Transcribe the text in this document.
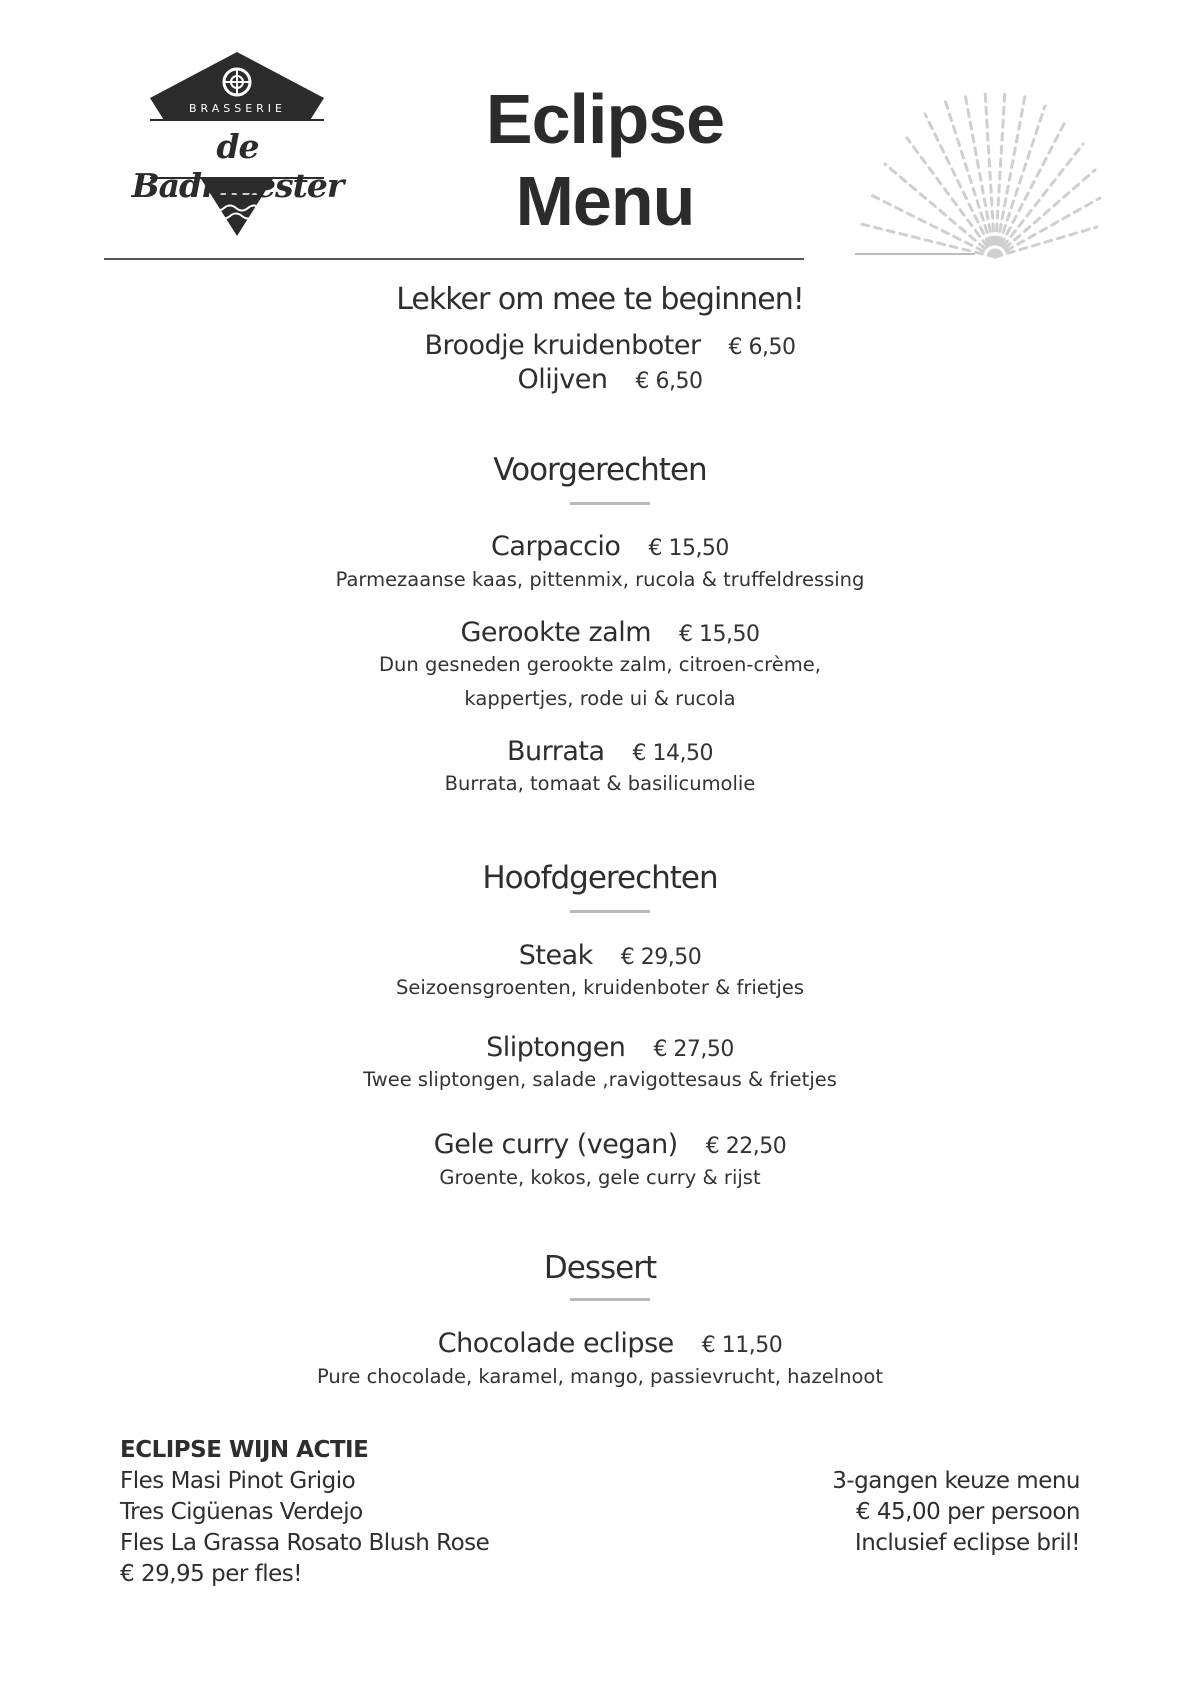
BRASSERIE
de Badmeester
Eclipse
Menu
Lekker om mee te beginnen!
Broodje kruidenboter € 6,50
Olijven € 6,50
Voorgerechten
Carpaccio € 15,50
Parmezaanse kaas, pittenmix, rucola & truffeldressing
Gerookte zalm € 15,50
Dun gesneden gerookte zalm, citroen-crème,
kappertjes, rode ui & rucola
Burrata € 14,50
Burrata, tomaat & basilicumolie
Hoofdgerechten
Steak € 29,50
Seizoensgroenten, kruidenboter & frietjes
Sliptongen € 27,50
Twee sliptongen, salade ,ravigottesaus & frietjes
Gele curry (vegan) € 22,50
Groente, kokos, gele curry & rijst
Dessert
Chocolade eclipse € 11,50
Pure chocolade, karamel, mango, passievrucht, hazelnoot
ECLIPSE WIJN ACTIE
Fles Masi Pinot Grigio
Tres Cigüenas Verdejo
Fles La Grassa Rosato Blush Rose
€ 29,95 per fles!
3-gangen keuze menu
€ 45,00 per persoon
Inclusief eclipse bril!
